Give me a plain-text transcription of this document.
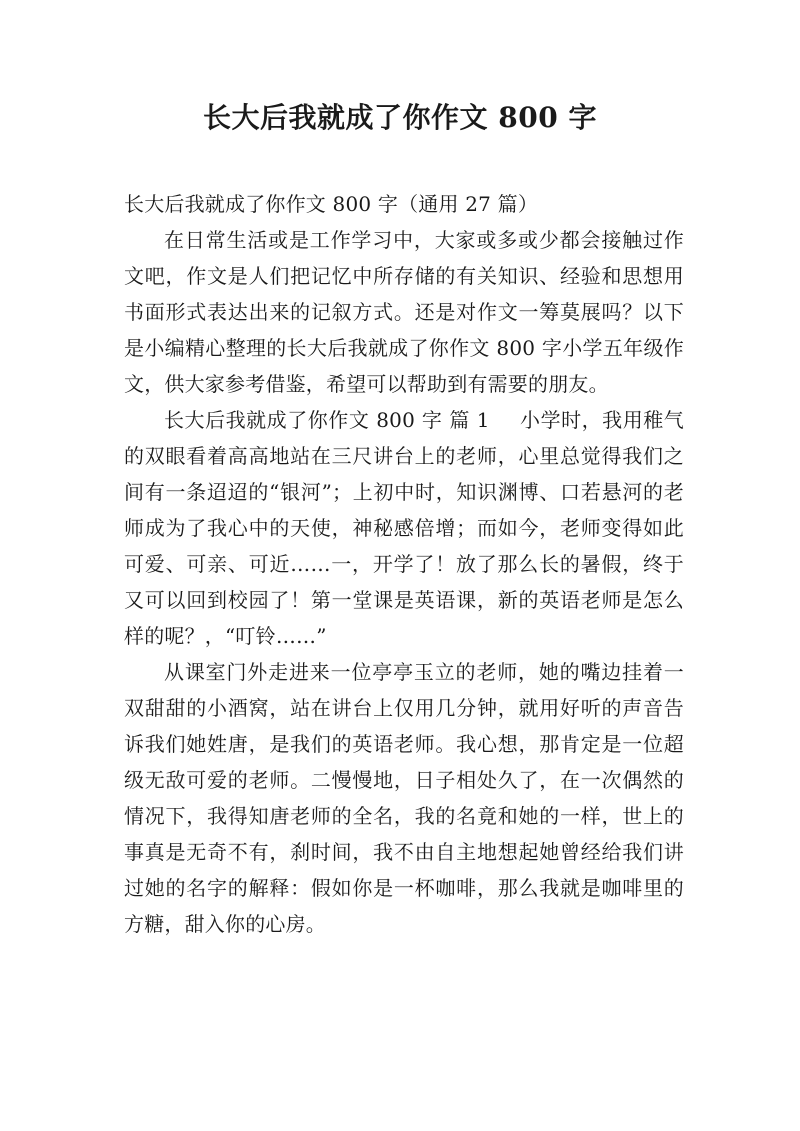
长大后我就成了你作文 800 字

长大后我就成了你作文 800 字（通用 27 篇）

在日常生活或是工作学习中，大家或多或少都会接触过作文吧，作文是人们把记忆中所存储的有关知识、经验和思想用书面形式表达出来的记叙方式。还是对作文一筹莫展吗？以下是小编精心整理的长大后我就成了你作文 800 字小学五年级作文，供大家参考借鉴，希望可以帮助到有需要的朋友。

长大后我就成了你作文 800 字 篇 1 小学时，我用稚气的双眼看着高高地站在三尺讲台上的老师，心里总觉得我们之间有一条迢迢的“银河”；上初中时，知识渊博、口若悬河的老师成为了我心中的天使，神秘感倍增；而如今，老师变得如此可爱、可亲、可近……一，开学了！放了那么长的暑假，终于又可以回到校园了！第一堂课是英语课，新的英语老师是怎么样的呢？，“叮铃……”

从课室门外走进来一位亭亭玉立的老师，她的嘴边挂着一双甜甜的小酒窝，站在讲台上仅用几分钟，就用好听的声音告诉我们她姓唐，是我们的英语老师。我心想，那肯定是一位超级无敌可爱的老师。二慢慢地，日子相处久了，在一次偶然的情况下，我得知唐老师的全名，我的名竟和她的一样，世上的事真是无奇不有，刹时间，我不由自主地想起她曾经给我们讲过她的名字的解释：假如你是一杯咖啡，那么我就是咖啡里的方糖，甜入你的心房。
